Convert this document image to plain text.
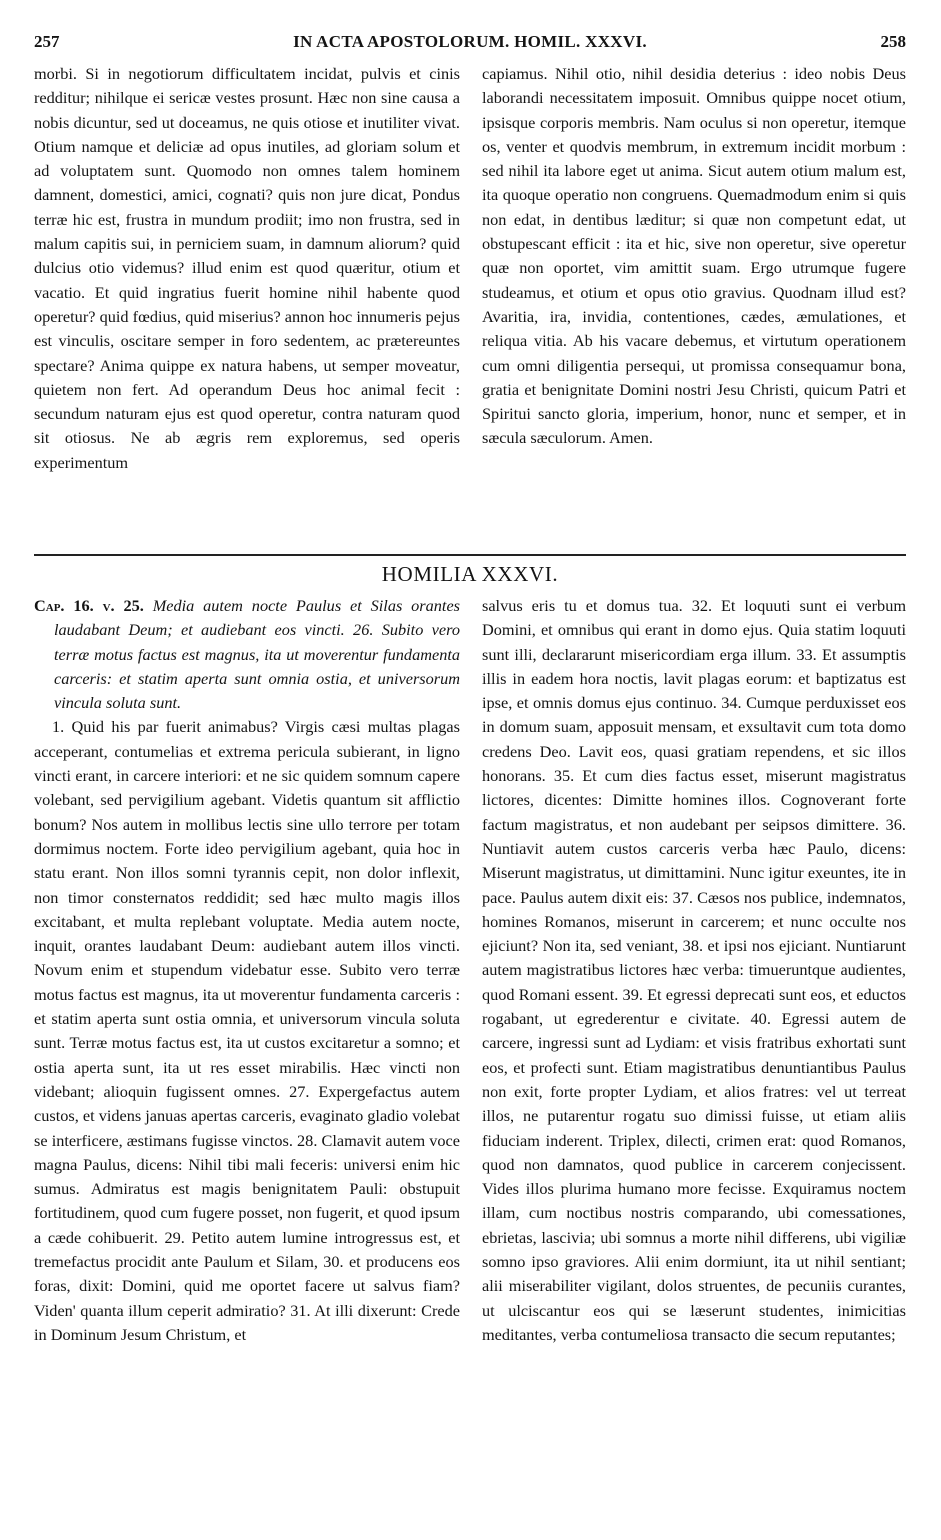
257	IN ACTA APOSTOLORUM. HOMIL. XXXVI.	258

morbi. Si in negotiorum difficultatem incidat, pulvis et cinis redditur; nihilque ei sericæ vestes prosunt. Hæc non sine causa a nobis dicuntur, sed ut doceamus, ne quis otiose et inutiliter vivat. Otium namque et deliciæ ad opus inutiles, ad gloriam solum et ad voluptatem sunt. Quomodo non omnes talem hominem damnent, domestici, amici, cognati? quis non jure dicat, Pondus terræ hic est, frustra in mundum prodiit; imo non frustra, sed in malum capitis sui, in perniciem suam, in damnum aliorum? quid dulcius otio videmus? illud enim est quod quæritur, otium et vacatio. Et quid ingratius fuerit homine nihil habente quod operetur? quid fœdius, quid miserius? annon hoc innumeris pejus est vinculis, oscitare semper in foro sedentem, ac prætereuntes spectare? Anima quippe ex natura habens, ut semper moveatur, quietem non fert. Ad operandum Deus hoc animal fecit : secundum naturam ejus est quod operetur, contra naturam quod sit otiosus. Ne ab ægris rem exploremus, sed operis experimentum

capiamus. Nihil otio, nihil desidia deterius : ideo nobis Deus laborandi necessitatem imposuit. Omnibus quippe nocet otium, ipsisque corporis membris. Nam oculus si non operetur, itemque os, venter et quodvis membrum, in extremum incidit morbum : sed nihil ita labore eget ut anima. Sicut autem otium malum est, ita quoque operatio non congruens. Quemadmodum enim si quis non edat, in dentibus læditur; si quæ non competunt edat, ut obstupescant efficit : ita et hic, sive non operetur, sive operetur quæ non oportet, vim amittit suam. Ergo utrumque fugere studeamus, et otium et opus otio gravius. Quodnam illud est? Avaritia, ira, invidia, contentiones, cædes, æmulationes, et reliqua vitia. Ab his vacare debemus, et virtutum operationem cum omni diligentia persequi, ut promissa consequamur bona, gratia et benignitate Domini nostri Jesu Christi, quicum Patri et Spiritui sancto gloria, imperium, honor, nunc et semper, et in sæcula sæculorum. Amen.

HOMILIA XXXVI.

Cap. 16. v. 25. Media autem nocte Paulus et Silas orantes laudabant Deum; et audiebant eos vincti. 26. Subito vero terræ motus factus est magnus, ita ut moverentur fundamenta carceris: et statim aperta sunt omnia ostia, et universorum vincula soluta sunt.

1. Quid his par fuerit animabus? Virgis cæsi multas plagas acceperant, contumelias et extrema pericula subierant, in ligno vincti erant, in carcere interiori: et ne sic quidem somnum capere volebant, sed pervigilium agebant. Videtis quantum sit afflictio bonum? Nos autem in mollibus lectis sine ullo terrore per totam dormimus noctem. Forte ideo pervigilium agebant, quia hoc in statu erant. Non illos somni tyrannis cepit, non dolor inflexit, non timor consternatos reddidit; sed hæc multo magis illos excitabant, et multa replebant voluptate. Media autem nocte, inquit, orantes laudabant Deum: audiebant autem illos vincti. Novum enim et stupendum videbatur esse. Subito vero terræ motus factus est magnus, ita ut moverentur fundamenta carceris : et statim aperta sunt ostia omnia, et universorum vincula soluta sunt. Terræ motus factus est, ita ut custos excitaretur a somno; et ostia aperta sunt, ita ut res esset mirabilis. Hæc vincti non videbant; alioquin fugissent omnes. 27. Expergefactus autem custos, et videns januas apertas carceris, evaginato gladio volebat se interficere, æstimans fugisse vinctos. 28. Clamavit autem voce magna Paulus, dicens: Nihil tibi mali feceris: universi enim hic sumus. Admiratus est magis benignitatem Pauli: obstupuit fortitudinem, quod cum fugere posset, non fugerit, et quod ipsum a cæde cohibuerit. 29. Petito autem lumine introgressus est, et tremefactus procidit ante Paulum et Silam, 30. et producens eos foras, dixit: Domini, quid me oportet facere ut salvus fiam? Viden' quanta illum ceperit admiratio? 31. At illi dixerunt: Crede in Dominum Jesum Christum, et

salvus eris tu et domus tua. 32. Et loquuti sunt ei verbum Domini, et omnibus qui erant in domo ejus. Quia statim loquuti sunt illi, declararunt misericordiam erga illum. 33. Et assumptis illis in eadem hora noctis, lavit plagas eorum: et baptizatus est ipse, et omnis domus ejus continuo. 34. Cumque perduxisset eos in domum suam, apposuit mensam, et exsultavit cum tota domo credens Deo. Lavit eos, quasi gratiam rependens, et sic illos honorans. 35. Et cum dies factus esset, miserunt magistratus lictores, dicentes: Dimitte homines illos. Cognoverant forte factum magistratus, et non audebant per seipsos dimittere. 36. Nuntiavit autem custos carceris verba hæc Paulo, dicens: Miserunt magistratus, ut dimittamini. Nunc igitur exeuntes, ite in pace. Paulus autem dixit eis: 37. Cæsos nos publice, indemnatos, homines Romanos, miserunt in carcerem; et nunc occulte nos ejiciunt? Non ita, sed veniant, 38. et ipsi nos ejiciant. Nuntiarunt autem magistratibus lictores hæc verba: timueruntque audientes, quod Romani essent. 39. Et egressi deprecati sunt eos, et eductos rogabant, ut egrederentur e civitate. 40. Egressi autem de carcere, ingressi sunt ad Lydiam: et visis fratribus exhortati sunt eos, et profecti sunt. Etiam magistratibus denuntiantibus Paulus non exit, forte propter Lydiam, et alios fratres: vel ut terreat illos, ne putarentur rogatu suo dimissi fuisse, ut etiam aliis fiduciam inderent. Triplex, dilecti, crimen erat: quod Romanos, quod non damnatos, quod publice in carcerem conjecissent. Vides illos plurima humano more fecisse. Exquiramus noctem illam, cum noctibus nostris comparando, ubi comessationes, ebrietas, lascivia; ubi somnus a morte nihil differens, ubi vigiliæ somno ipso graviores. Alii enim dormiunt, ita ut nihil sentiant; alii miserabiliter vigilant, dolos struentes, de pecuniis curantes, ut ulciscantur eos qui se læserunt studentes, inimicitias meditantes, verba contumeliosa transacto die secum reputantes;
